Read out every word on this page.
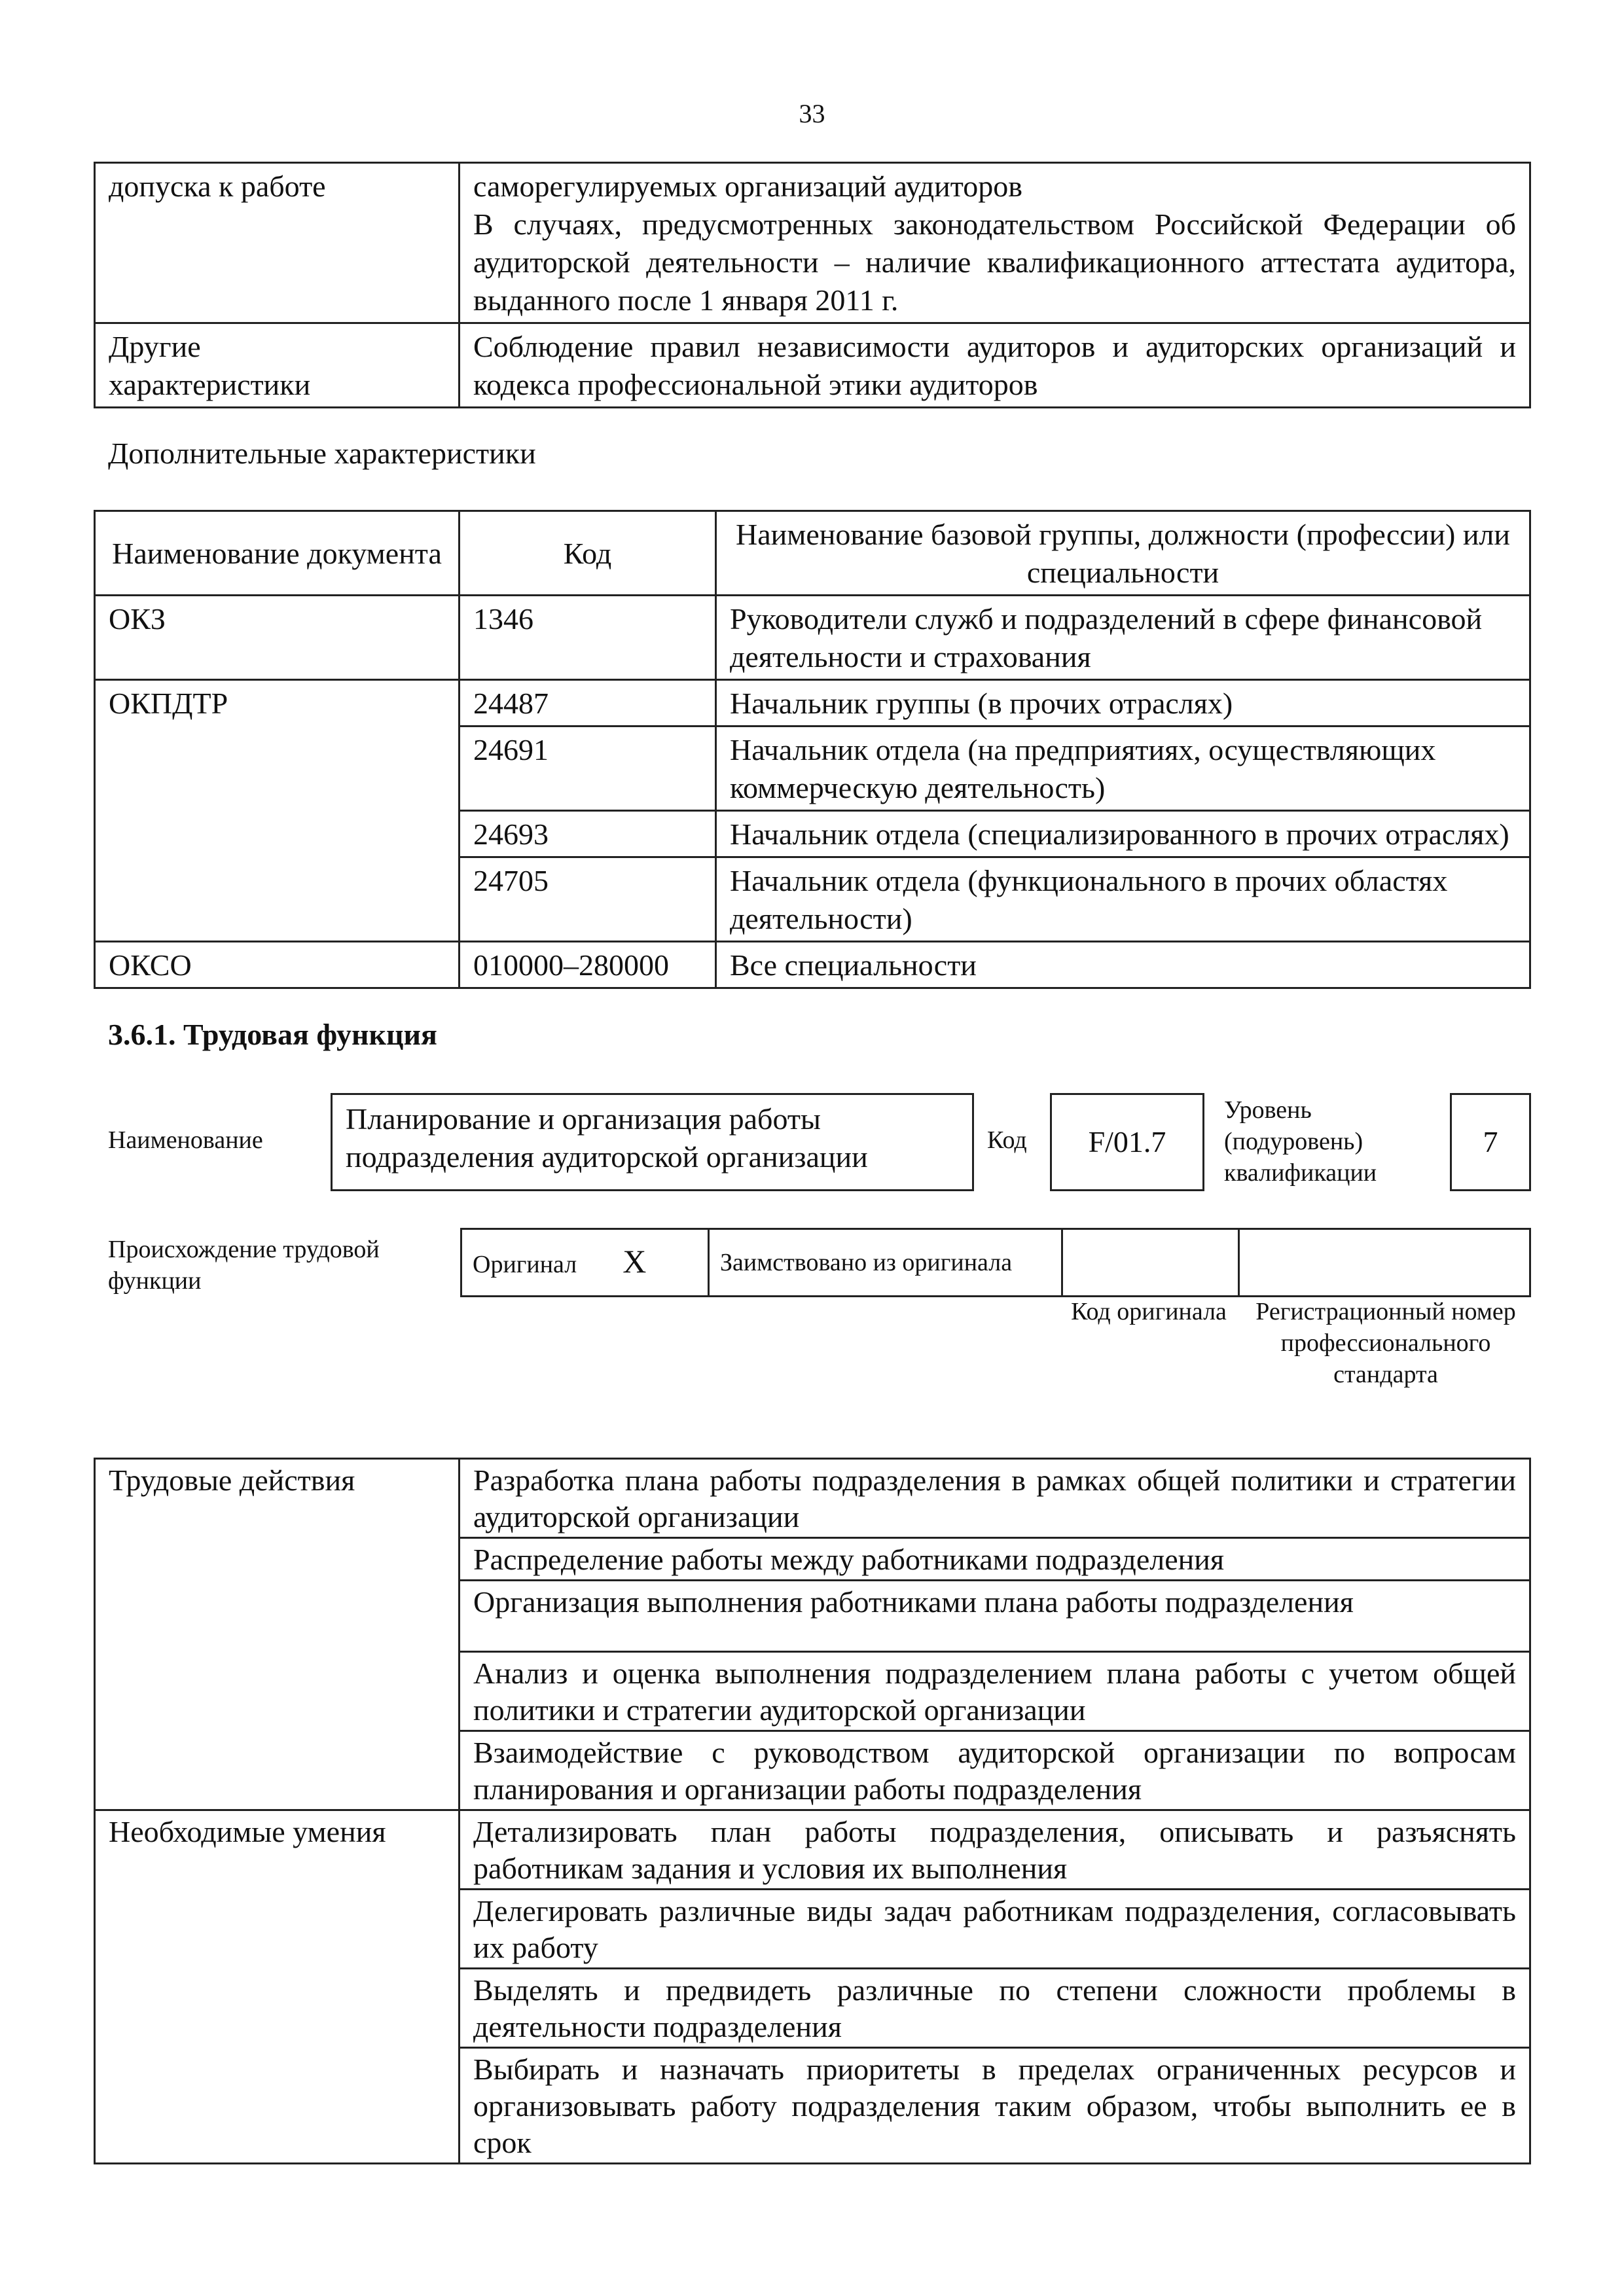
33
допуска к работе	саморегулируемых организаций аудиторов
В случаях, предусмотренных законодательством Российской Федерации об аудиторской деятельности – наличие квалификационного аттестата аудитора, выданного после 1 января 2011 г.

Другие характеристики	Соблюдение правил независимости аудиторов и аудиторских организаций и кодекса профессиональной этики аудиторов
Дополнительные характеристики
Наименование документа	Код	Наименование базовой группы, должности (профессии) или специальности
ОКЗ	1346	Руководители служб и подразделений в сфере финансовой деятельности и страхования
ОКПДТР	24487	Начальник группы (в прочих отраслях)
	24691	Начальник отдела (на предприятиях, осуществляющих коммерческую деятельность)
	24693	Начальник отдела (специализированного в прочих отраслях)
	24705	Начальник отдела (функционального в прочих областях деятельности)
ОКСО	010000–280000	Все специальности
3.6.1. Трудовая функция
Наименование
Планирование и организация работы подразделения аудиторской организации	Код	F/01.7
Уровень (подуровень) квалификации
7
Происхождение трудовой функции
Оригинал X	Заимствовано из оригинала		
Код оригинала	Регистрационный номер профессионального стандарта
Трудовые действия	Разработка плана работы подразделения в рамках общей политики и стратегии аудиторской организации
	Распределение работы между работниками подразделения
	Организация выполнения работниками плана работы подразделения
	Анализ и оценка выполнения подразделением плана работы с учетом общей политики и стратегии аудиторской организации
	Взаимодействие с руководством аудиторской организации по вопросам планирования и организации работы подразделения
Необходимые умения	Детализировать план работы подразделения, описывать и разъяснять работникам задания и условия их выполнения
	Делегировать различные виды задач работникам подразделения, согласовывать их работу
	Выделять и предвидеть различные по степени сложности проблемы в деятельности подразделения
	Выбирать и назначать приоритеты в пределах ограниченных ресурсов и организовывать работу подразделения таким образом, чтобы выполнить ее в срок
